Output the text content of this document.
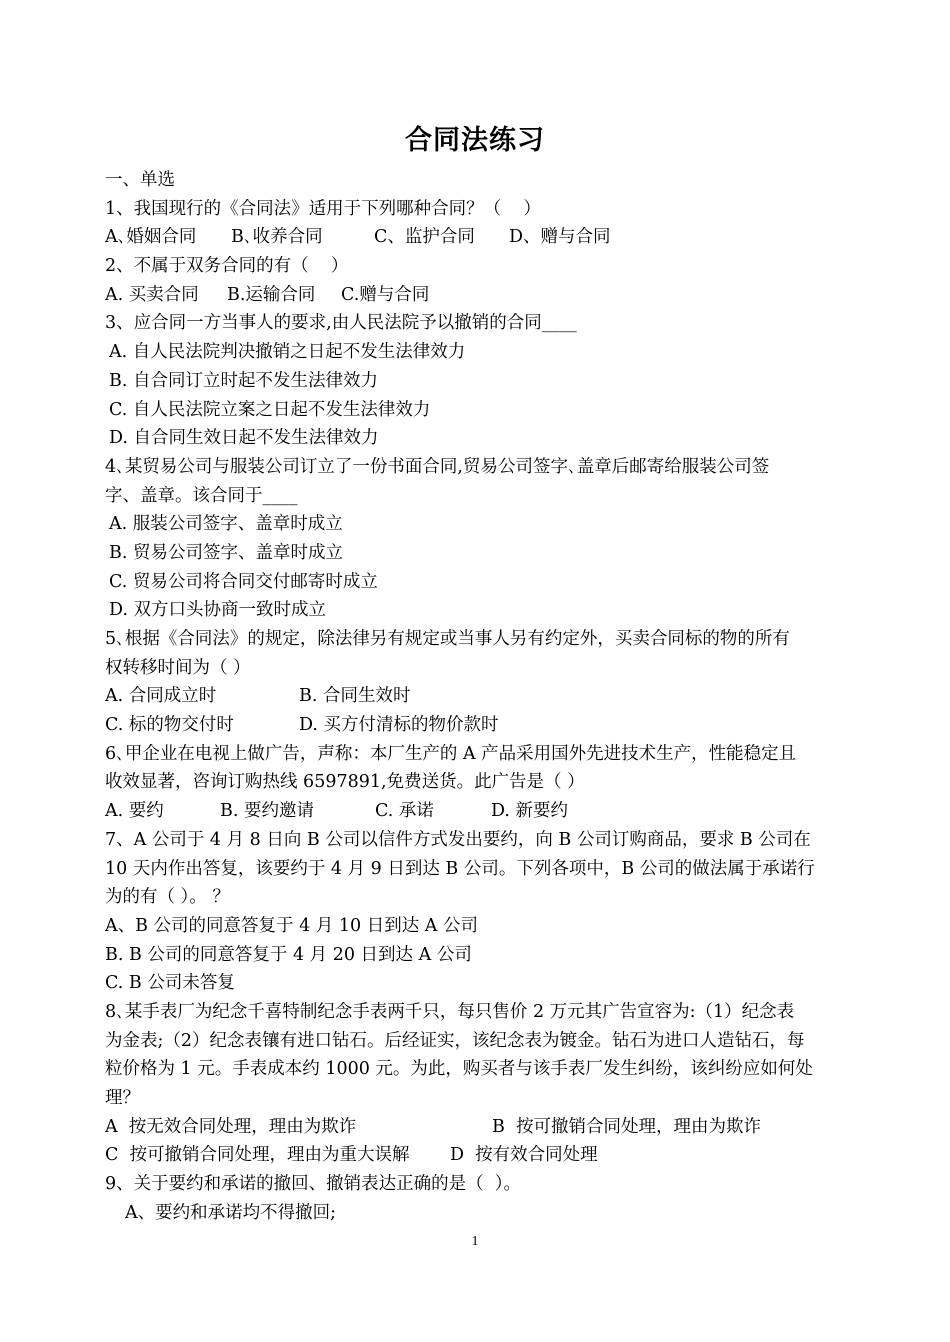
合同法练习

一、单选

1、我国现行的《合同法》适用于下列哪种合同？（    ）

A､婚姻合同	B､收养合同	C、监护合同	D、赠与合同

2、不属于双务合同的有（    ）

A. 买卖合同	B.运输合同	C.赠与合同

3、应合同一方当事人的要求,由人民法院予以撤销的合同____

A. 自人民法院判决撤销之日起不发生法律效力

B. 自合同订立时起不发生法律效力

C. 自人民法院立案之日起不发生法律效力

D. 自合同生效日起不发生法律效力

4､某贸易公司与服装公司订立了一份书面合同,贸易公司签字､盖章后邮寄给服装公司签

字、盖章。该合同于____

A. 服装公司签字、盖章时成立

B. 贸易公司签字、盖章时成立

C. 贸易公司将合同交付邮寄时成立

D. 双方口头协商一致时成立

5､根据《合同法》的规定，除法律另有规定或当事人另有约定外，买卖合同标的物的所有

权转移时间为（ ）

A. 合同成立时	B. 合同生效时
C. 标的物交付时	D. 买方付清标的物价款时

6､甲企业在电视上做广告，声称：本厂生产的 A 产品采用国外先进技术生产，性能稳定且

收效显著，咨询订购热线 6597891,免费送货。此广告是（ ）

A. 要约	B. 要约邀请	C. 承诺	D. 新要约

7、A 公司于 4 月 8 日向 B 公司以信件方式发出要约，向 B 公司订购商品，要求 B 公司在

10 天内作出答复，该要约于 4 月 9 日到达 B 公司。下列各项中，B 公司的做法属于承诺行

为的有（ ）。 ？

A、B 公司的同意答复于 4 月 10 日到达 A 公司

B. B 公司的同意答复于 4 月 20 日到达 A 公司

C. B 公司未答复

8､某手表厂为纪念千喜特制纪念手表两千只，每只售价 2 万元其广告宣容为:（1）纪念表

为金表;（2）纪念表镶有进口钻石。后经证实，该纪念表为镀金。钻石为进口人造钻石，每

粒价格为 1 元。手表成本约 1000 元。为此，购买者与该手表厂发生纠纷，该纠纷应如何处

理？

A  按无效合同处理，理由为欺诈	B  按可撤销合同处理，理由为欺诈
C  按可撤销合同处理，理由为重大误解	D  按有效合同处理

9、关于要约和承诺的撤回、撤销表达正确的是（  ）。

A、要约和承诺均不得撤回;

1
